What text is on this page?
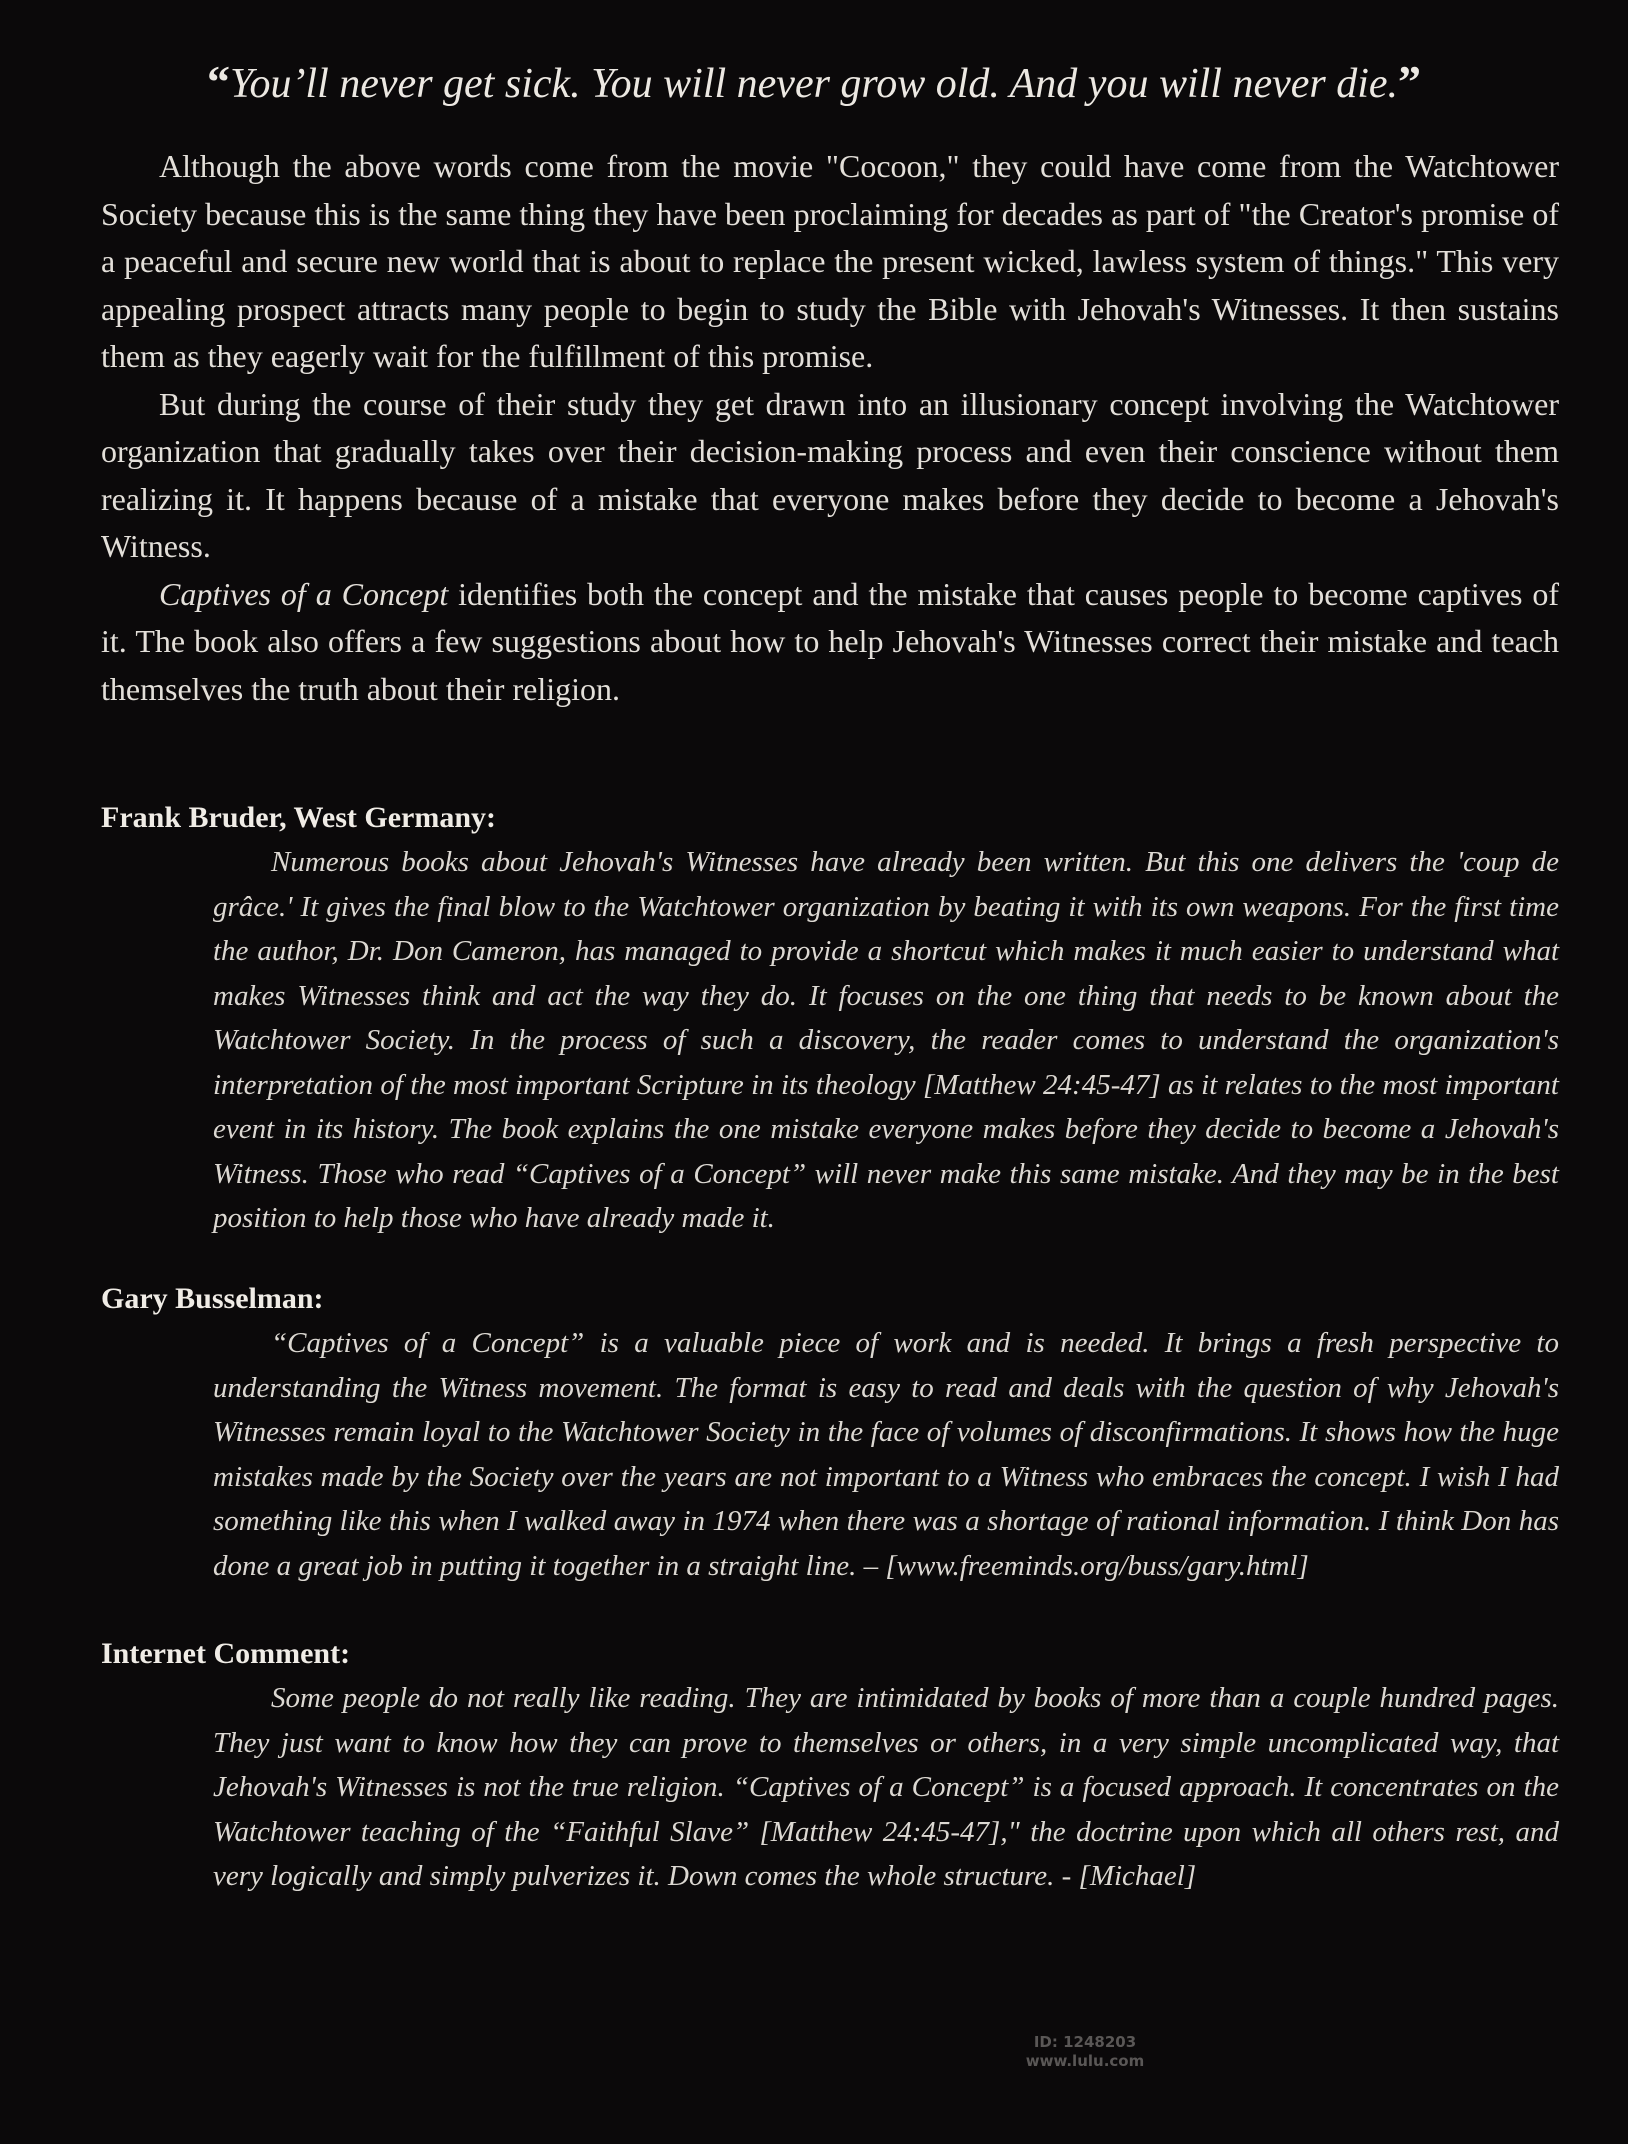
“You’ll never get sick. You will never grow old. And you will never die.”

Although the above words come from the movie "Cocoon," they could have come from the Watchtower Society because this is the same thing they have been proclaiming for decades as part of "the Creator's promise of a peaceful and secure new world that is about to replace the present wicked, lawless system of things." This very appealing prospect attracts many people to begin to study the Bible with Jehovah's Witnesses. It then sustains them as they eagerly wait for the fulfillment of this promise.

But during the course of their study they get drawn into an illusionary concept involving the Watchtower organization that gradually takes over their decision-making process and even their conscience without them realizing it. It happens because of a mistake that everyone makes before they decide to become a Jehovah's Witness.

Captives of a Concept identifies both the concept and the mistake that causes people to become captives of it. The book also offers a few suggestions about how to help Jehovah's Witnesses correct their mistake and teach themselves the truth about their religion.

Frank Bruder, West Germany:

Numerous books about Jehovah's Witnesses have already been written. But this one delivers the 'coup de grâce.' It gives the final blow to the Watchtower organization by beating it with its own weapons. For the first time the author, Dr. Don Cameron, has managed to provide a shortcut which makes it much easier to understand what makes Witnesses think and act the way they do. It focuses on the one thing that needs to be known about the Watchtower Society. In the process of such a discovery, the reader comes to understand the organization's interpretation of the most important Scripture in its theology [Matthew 24:45-47] as it relates to the most important event in its history. The book explains the one mistake everyone makes before they decide to become a Jehovah's Witness. Those who read “Captives of a Concept” will never make this same mistake. And they may be in the best position to help those who have already made it.

Gary Busselman:

“Captives of a Concept” is a valuable piece of work and is needed. It brings a fresh perspective to understanding the Witness movement. The format is easy to read and deals with the question of why Jehovah's Witnesses remain loyal to the Watchtower Society in the face of volumes of disconfirmations. It shows how the huge mistakes made by the Society over the years are not important to a Witness who embraces the concept. I wish I had something like this when I walked away in 1974 when there was a shortage of rational information. I think Don has done a great job in putting it together in a straight line. – [www.freeminds.org/buss/gary.html]

Internet Comment:

Some people do not really like reading. They are intimidated by books of more than a couple hundred pages. They just want to know how they can prove to themselves or others, in a very simple uncomplicated way, that Jehovah's Witnesses is not the true religion. “Captives of a Concept” is a focused approach. It concentrates on the Watchtower teaching of the “Faithful Slave” [Matthew 24:45-47]," the doctrine upon which all others rest, and very logically and simply pulverizes it. Down comes the whole structure. - [Michael]

ID: 1248203
www.lulu.com
